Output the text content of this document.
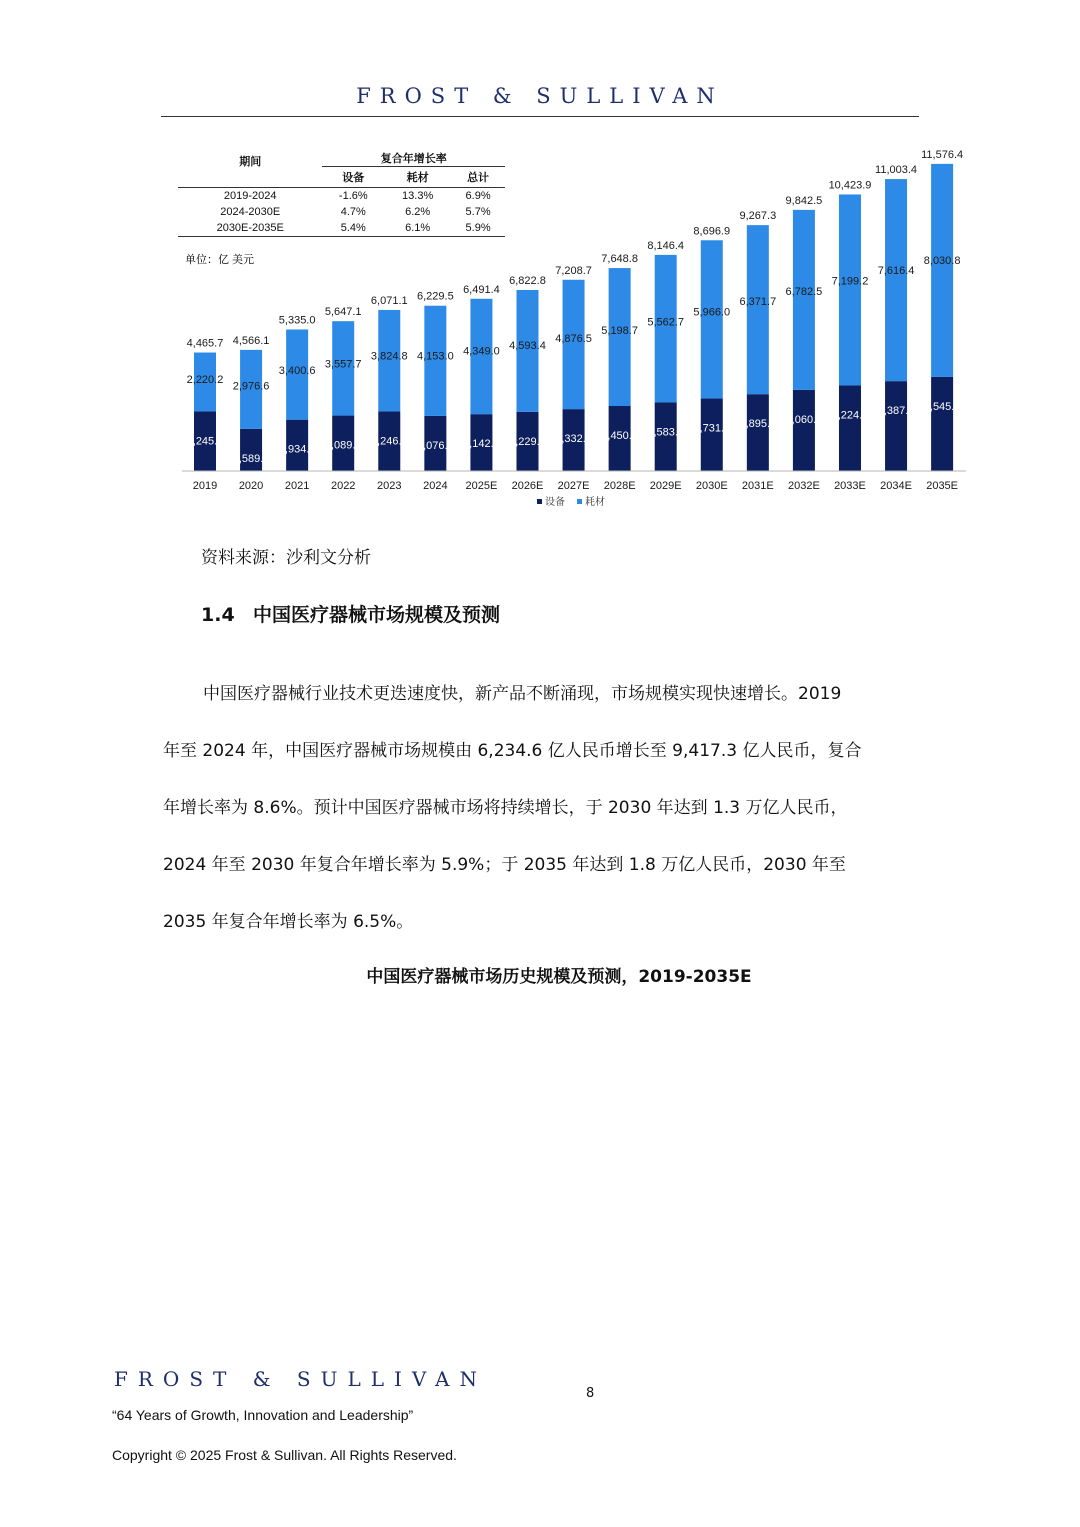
FROST & SULLIVAN
2,245.4
2,220.2
4,465.7
1,589.4
2,976.6
4,566.1
1,934.5
3,400.6
5,335.0
2,089.4
3,557.7
5,647.1
2,246.3
3,824.8
6,071.1
2,076.5
4,153.0
6,229.5
2,142.4
4,349.0
6,491.4
2,229.5
4,593.4
6,822.8
2,332.2
4,876.5
7,208.7
2,450.1
5,198.7
7,648.8
2,583.7
5,562.7
8,146.4
2,731.0
5,966.0
8,696.9
2,895.6
6,371.7
9,267.3
3,060.0
6,782.5
9,842.5
3,224.6
7,199.2
10,423.9
3,387.0
7,616.4
11,003.4
3,545.6
8,030.8
11,576.4
2019 2020 2021 2022 2023 2024 2025E 2026E 2027E 2028E 2029E 2030E 2031E 2032E 2033E 2034E 2035E
设备 耗材
单位：亿 美元
期间	复合年增长率		
	设备	耗材	总计
2019-2024	-1.6%	13.3%	6.9%
2024-2030E	4.7%	6.2%	5.7%
2030E-2035E	5.4%	6.1%	5.9%
资料来源：沙利文分析
1.4 中国医疗器械市场规模及预测
中国医疗器械行业技术更迭速度快，新产品不断涌现，市场规模实现快速增长。2019
年至 2024 年，中国医疗器械市场规模由 6,234.6 亿人民币增长至 9,417.3 亿人民币，复合
年增长率为 8.6%。预计中国医疗器械市场将持续增长，于 2030 年达到 1.3 万亿人民币，
2024 年至 2030 年复合年增长率为 5.9%；于 2035 年达到 1.8 万亿人民币，2030 年至
2035 年复合年增长率为 6.5%。
中国医疗器械市场历史规模及预测，2019-2035E
FROST & SULLIVAN
8
“64 Years of Growth, Innovation and Leadership”
Copyright © 2025 Frost & Sullivan. All Rights Reserved.
